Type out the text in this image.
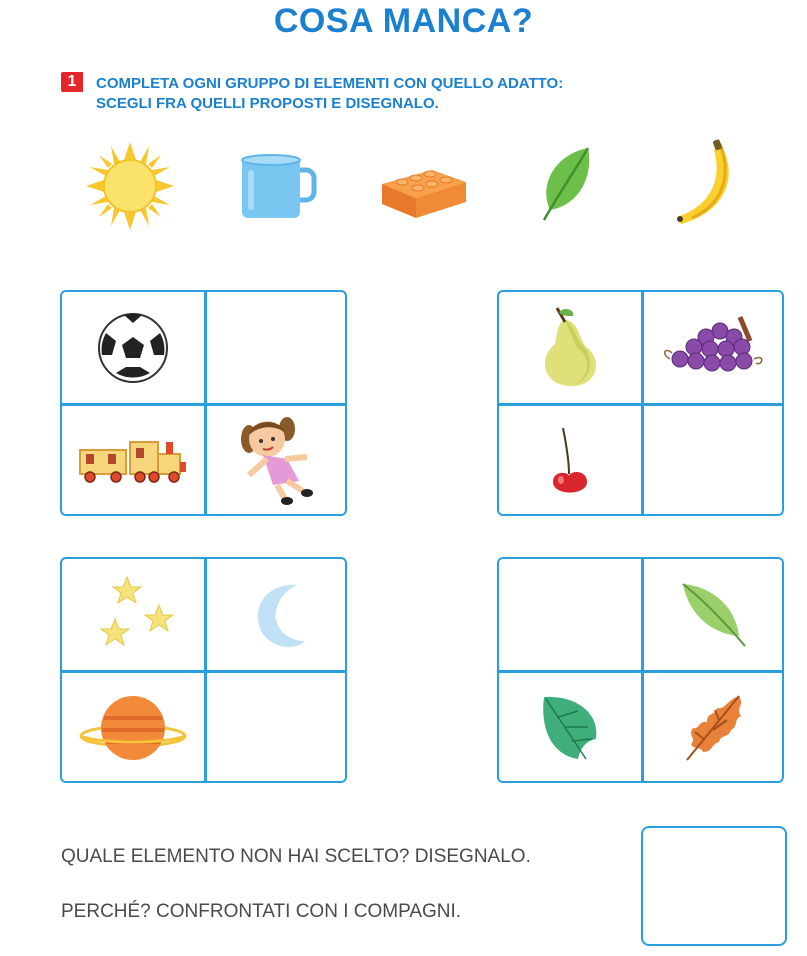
COSA MANCA?
1	COMPLETA OGNI GRUPPO DI ELEMENTI CON QUELLO ADATTO:
SCEGLI FRA QUELLI PROPOSTI E DISEGNALO.
QUALE ELEMENTO NON HAI SCELTO? DISEGNALO.
PERCHÉ? CONFRONTATI CON I COMPAGNI.
